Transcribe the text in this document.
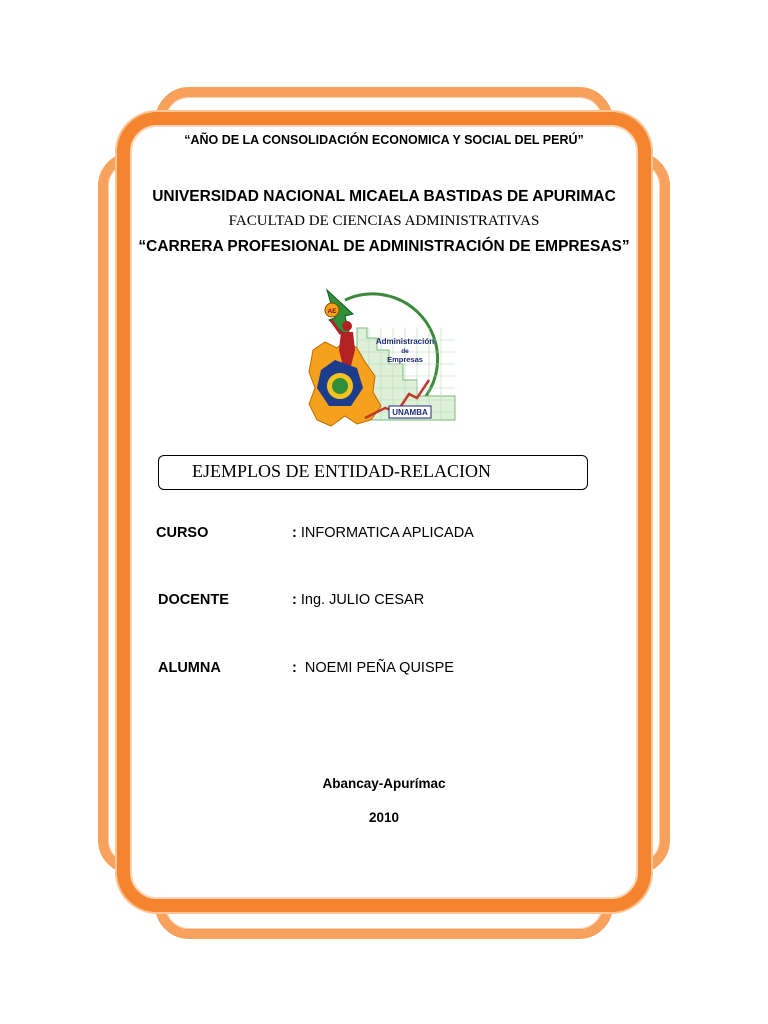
“AÑO DE LA CONSOLIDACIÓN ECONOMICA Y SOCIAL DEL PERÚ”
UNIVERSIDAD NACIONAL MICAELA BASTIDAS DE APURIMAC
FACULTAD DE CIENCIAS ADMINISTRATIVAS
“CARRERA PROFESIONAL DE ADMINISTRACIÓN DE EMPRESAS”
AE
Administración
de
Empresas
UNAMBA
EJEMPLOS DE ENTIDAD-RELACION
CURSO	: INFORMATICA APLICADA
DOCENTE	: Ing. JULIO CESAR
ALUMNA	:  NOEMI PEÑA QUISPE
Abancay-Apurímac
2010
